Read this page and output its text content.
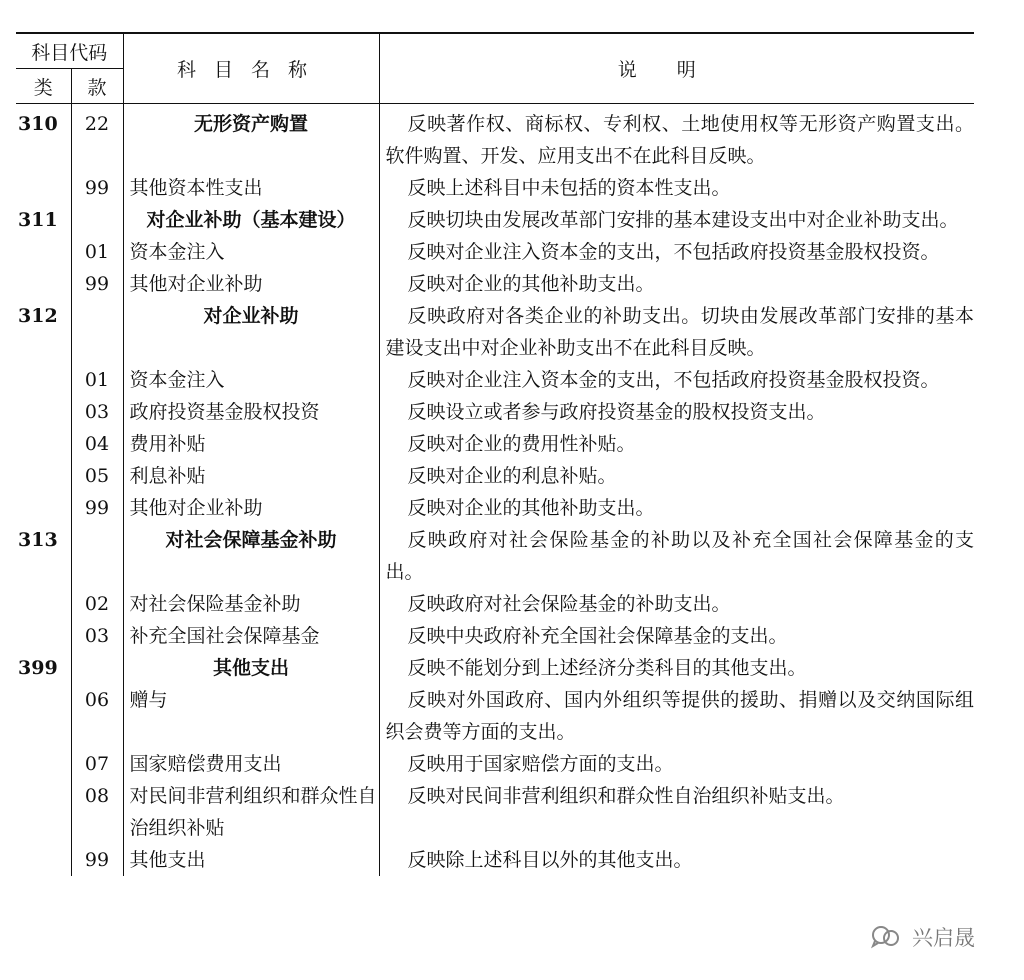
科目代码		科目名称	说明
类	款		
310	22	无形资产购置	反映著作权、商标权、专利权、土地使用权等无形资产购置支出。软件购置、开发、应用支出不在此科目反映。
	99	其他资本性支出	反映上述科目中未包括的资本性支出。
311		对企业补助（基本建设）	反映切块由发展改革部门安排的基本建设支出中对企业补助支出。
	01	资本金注入	反映对企业注入资本金的支出，不包括政府投资基金股权投资。
	99	其他对企业补助	反映对企业的其他补助支出。
312		对企业补助	反映政府对各类企业的补助支出。切块由发展改革部门安排的基本建设支出中对企业补助支出不在此科目反映。
	01	资本金注入	反映对企业注入资本金的支出，不包括政府投资基金股权投资。
	03	政府投资基金股权投资	反映设立或者参与政府投资基金的股权投资支出。
	04	费用补贴	反映对企业的费用性补贴。
	05	利息补贴	反映对企业的利息补贴。
	99	其他对企业补助	反映对企业的其他补助支出。
313		对社会保障基金补助	反映政府对社会保险基金的补助以及补充全国社会保障基金的支出。
	02	对社会保险基金补助	反映政府对社会保险基金的补助支出。
	03	补充全国社会保障基金	反映中央政府补充全国社会保障基金的支出。
399		其他支出	反映不能划分到上述经济分类科目的其他支出。
	06	赠与	反映对外国政府、国内外组织等提供的援助、捐赠以及交纳国际组织会费等方面的支出。
	07	国家赔偿费用支出	反映用于国家赔偿方面的支出。
	08	对民间非营利组织和群众性自治组织补贴	反映对民间非营利组织和群众性自治组织补贴支出。
	99	其他支出	反映除上述科目以外的其他支出。
兴启晟
